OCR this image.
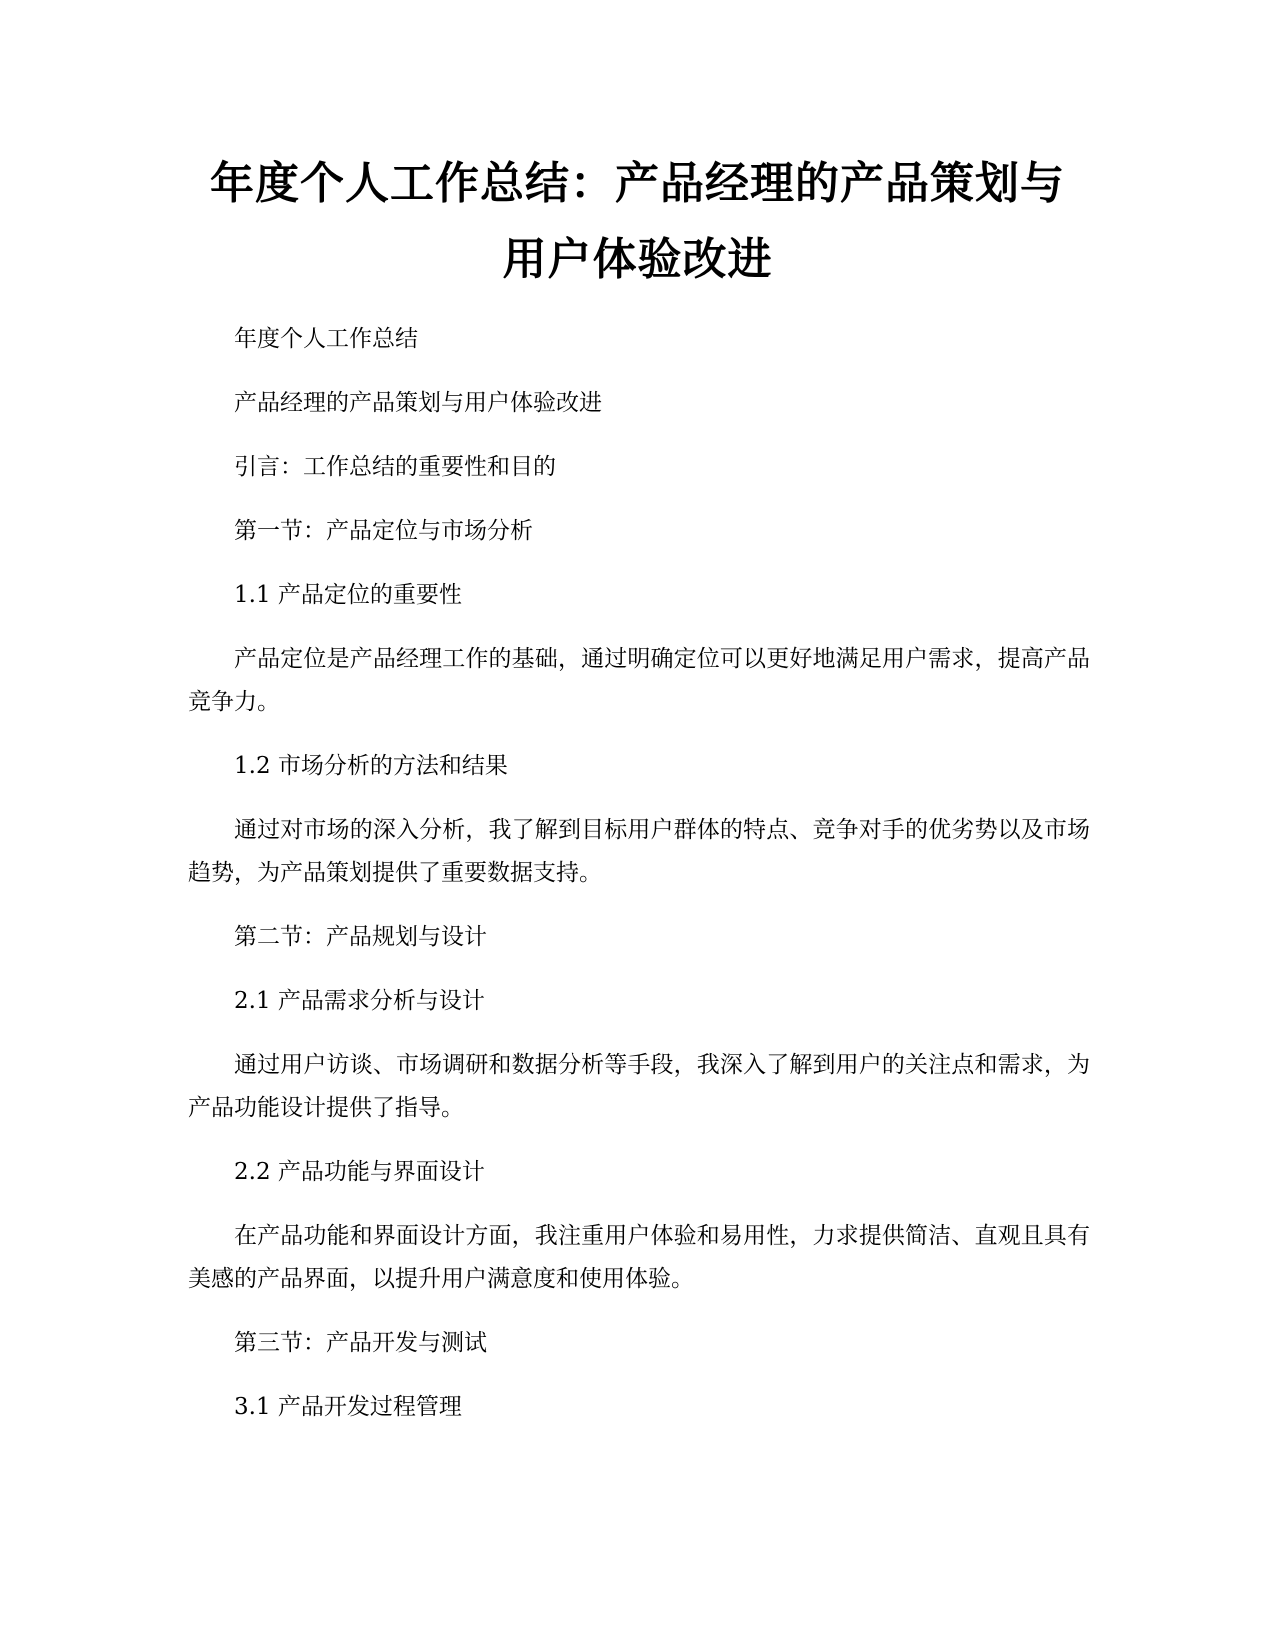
年度个人工作总结：产品经理的产品策划与
用户体验改进

年度个人工作总结

产品经理的产品策划与用户体验改进

引言：工作总结的重要性和目的

第一节：产品定位与市场分析

1.1 产品定位的重要性

产品定位是产品经理工作的基础，通过明确定位可以更好地满足用户需求，提高产品竞争力。

1.2 市场分析的方法和结果

通过对市场的深入分析，我了解到目标用户群体的特点、竞争对手的优劣势以及市场趋势，为产品策划提供了重要数据支持。

第二节：产品规划与设计

2.1 产品需求分析与设计

通过用户访谈、市场调研和数据分析等手段，我深入了解到用户的关注点和需求，为产品功能设计提供了指导。

2.2 产品功能与界面设计

在产品功能和界面设计方面，我注重用户体验和易用性，力求提供简洁、直观且具有美感的产品界面，以提升用户满意度和使用体验。

第三节：产品开发与测试

3.1 产品开发过程管理
